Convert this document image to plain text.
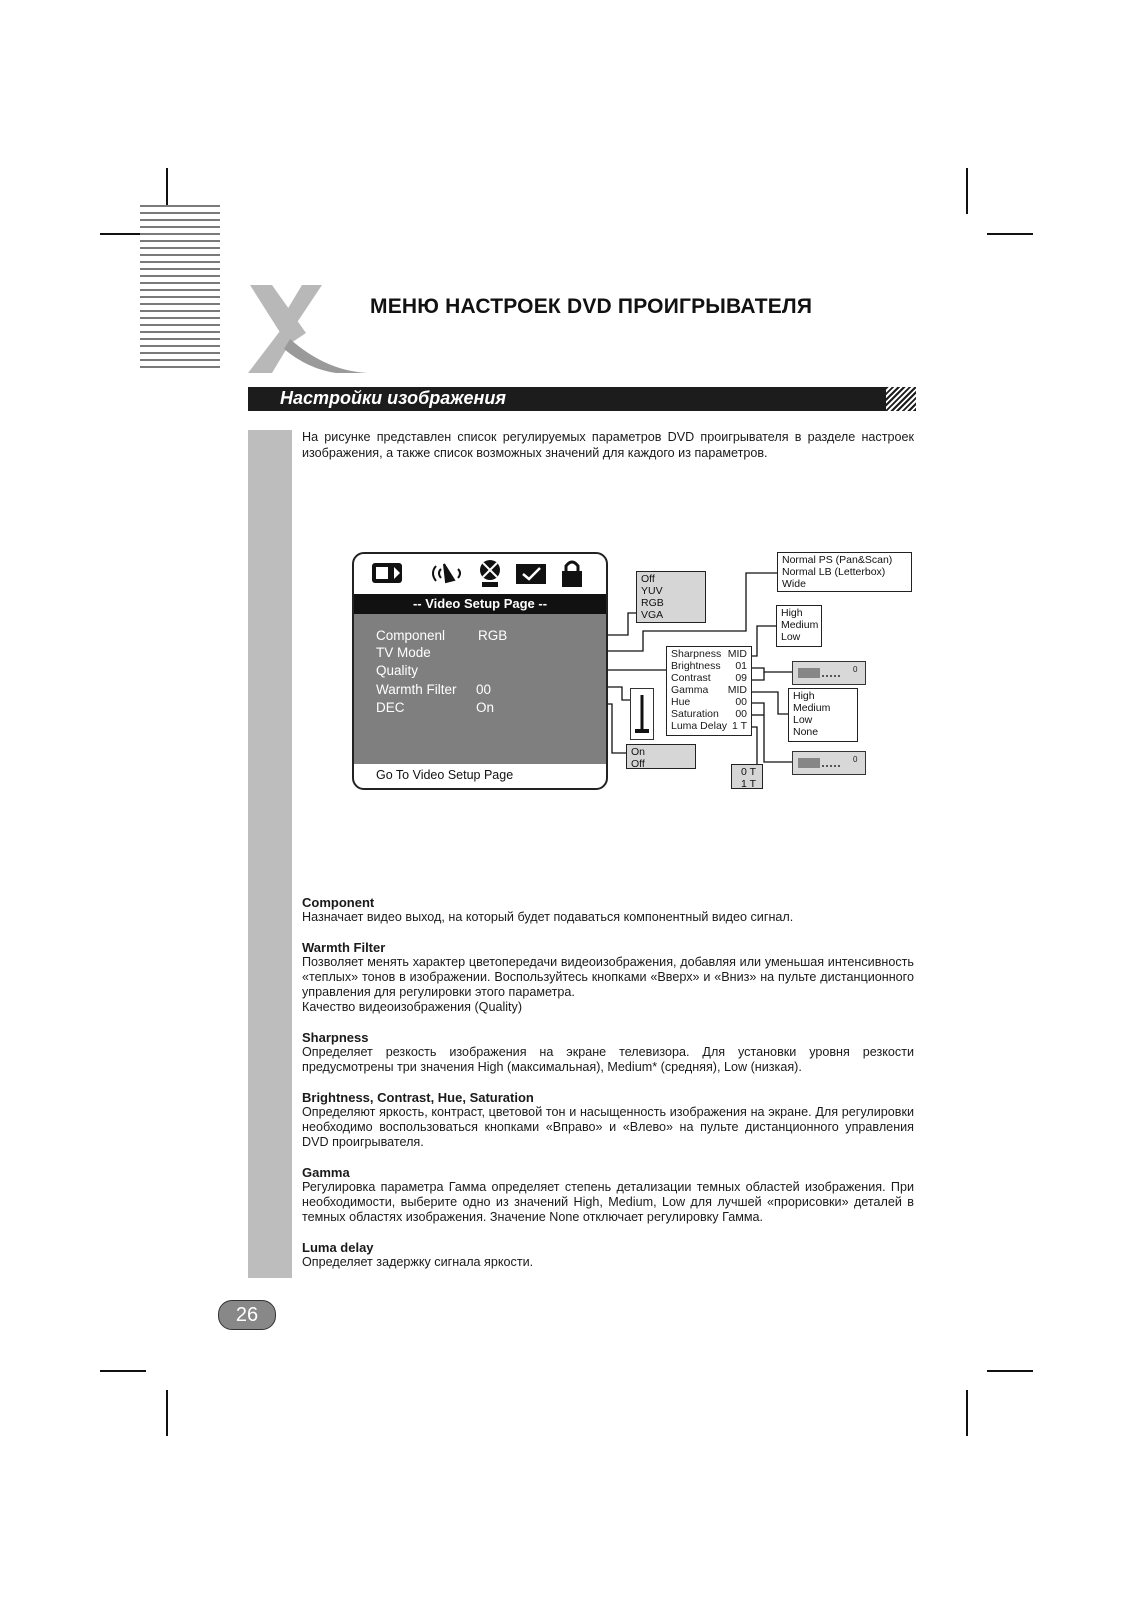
МЕНЮ НАСТРОЕК DVD ПРОИГРЫВАТЕЛЯ
Настройки изображения
На рисунке представлен список регулируемых параметров DVD проигрывателя в разделе настроек изображения, а также список возможных значений для каждого из параметров.
-- Video Setup Page --
Componenl RGB
TV Mode
Quality
Warmth Filter 00
DEC	On
Go To Video Setup Page
Off
YUV
RGB
VGA
Normal PS (Pan&Scan)
Normal LB (Letterbox)
Wide
High
Medium
Low
Sharpness MID
Brightness 01
Contrast 09
Gamma MID
Hue	00
Saturation 00
Luma Delay 1 T
0
0
High
Medium
Low
None
On
Off
0 T
1 T
Component
Назначает видео выход, на который будет подаваться компонентный видео сигнал.
Warmth Filter
Позволяет менять характер цветопередачи видеоизображения, добавляя или уменьшая интенсивность «теплых» тонов в изображении. Воспользуйтесь кнопками «Вверх» и «Вниз» на пульте дистанционного управления для регулировки этого параметра.
Качество видеоизображения (Quality)
Sharpness
Определяет резкость изображения на экране телевизора. Для установки уровня резкости предусмотрены три значения High (максимальная), Medium* (средняя), Low (низкая).
Brightness, Contrast, Hue, Saturation
Определяют яркость, контраст, цветовой тон и насыщенность изображения на экране. Для регулировки необходимо воспользоваться кнопками «Вправо» и «Влево» на пульте дистанционного управления DVD проигрывателя.
Gamma
Регулировка параметра Гамма определяет степень детализации темных областей изображения. При необходимости, выберите одно из значений High, Medium, Low для лучшей «прорисовки» деталей в темных областях изображения. Значение None отключает регулировку Гамма.
Luma delay
Определяет задержку сигнала яркости.
26
